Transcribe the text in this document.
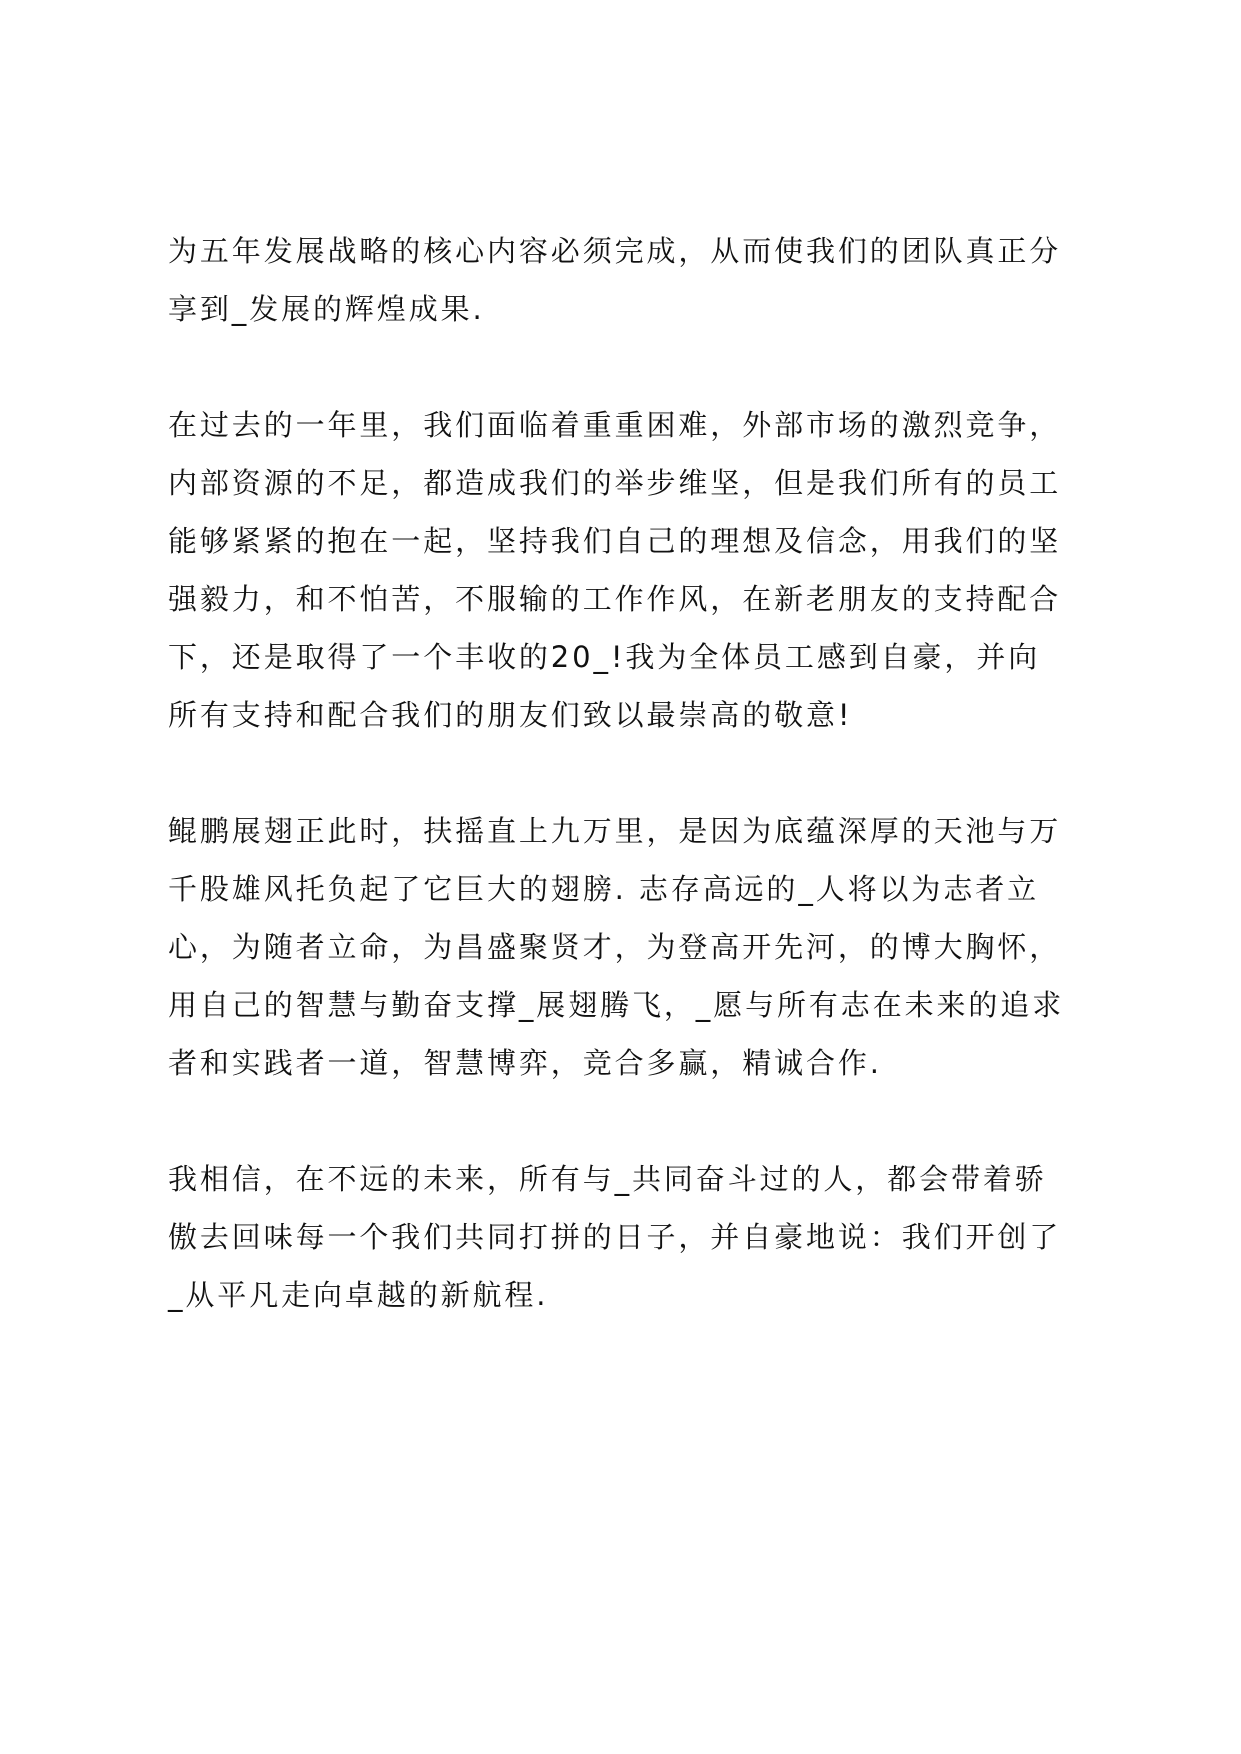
为五年发展战略的核心内容必须完成，从而使我们的团队真正分
享到_发展的辉煌成果.

在过去的一年里，我们面临着重重困难，外部市场的激烈竞争，
内部资源的不足，都造成我们的举步维坚，但是我们所有的员工
能够紧紧的抱在一起，坚持我们自己的理想及信念，用我们的坚
强毅力，和不怕苦，不服输的工作作风，在新老朋友的支持配合
下，还是取得了一个丰收的20_!我为全体员工感到自豪，并向
所有支持和配合我们的朋友们致以最崇高的敬意!

鲲鹏展翅正此时，扶摇直上九万里，是因为底蕴深厚的天池与万
千股雄风托负起了它巨大的翅膀. 志存高远的_人将以为志者立
心，为随者立命，为昌盛聚贤才，为登高开先河，的博大胸怀，
用自己的智慧与勤奋支撑_展翅腾飞，_愿与所有志在未来的追求
者和实践者一道，智慧博弈，竞合多赢，精诚合作.

我相信，在不远的未来，所有与_共同奋斗过的人，都会带着骄
傲去回味每一个我们共同打拼的日子，并自豪地说：我们开创了
_从平凡走向卓越的新航程.
